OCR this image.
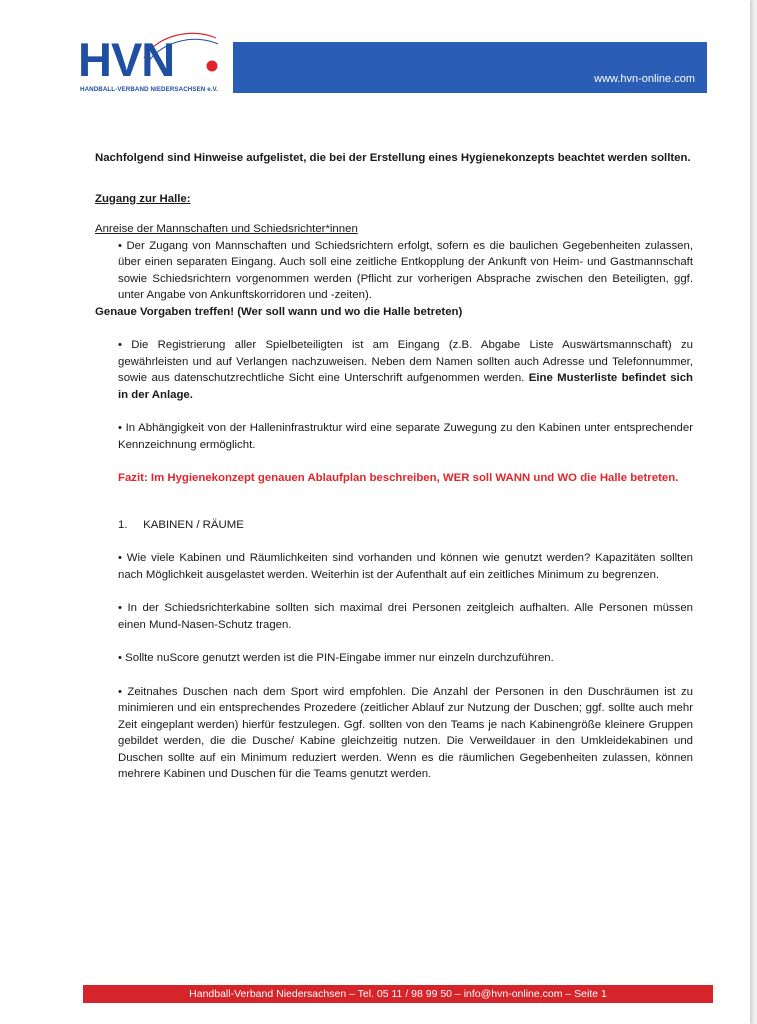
HVN
HANDBALL-VERBAND NIEDERSACHSEN e.V.
www.hvn-online.com

Nachfolgend sind Hinweise aufgelistet, die bei der Erstellung eines Hygienekonzepts beachtet werden sollten.

Zugang zur Halle:

Anreise der Mannschaften und Schiedsrichter*innen

• Der Zugang von Mannschaften und Schiedsrichtern erfolgt, sofern es die baulichen Gegebenheiten zulassen, über einen separaten Eingang. Auch soll eine zeitliche Entkopplung der Ankunft von Heim- und Gastmannschaft sowie Schiedsrichtern vorgenommen werden (Pflicht zur vorherigen Absprache zwischen den Beteiligten, ggf. unter Angabe von Ankunftskorridoren und -zeiten).
Genaue Vorgaben treffen! (Wer soll wann und wo die Halle betreten)

• Die Registrierung aller Spielbeteiligten ist am Eingang (z.B. Abgabe Liste Auswärtsmannschaft) zu gewährleisten und auf Verlangen nachzuweisen. Neben dem Namen sollten auch Adresse und Telefonnummer, sowie aus datenschutzrechtliche Sicht eine Unterschrift aufgenommen werden. Eine Musterliste befindet sich in der Anlage.

• In Abhängigkeit von der Halleninfrastruktur wird eine separate Zuwegung zu den Kabinen unter entsprechender Kennzeichnung ermöglicht.

Fazit: Im Hygienekonzept genauen Ablaufplan beschreiben, WER soll WANN und WO die Halle betreten.

1. KABINEN / RÄUME

• Wie viele Kabinen und Räumlichkeiten sind vorhanden und können wie genutzt werden? Kapazitäten sollten nach Möglichkeit ausgelastet werden. Weiterhin ist der Aufenthalt auf ein zeitliches Minimum zu begrenzen.

• In der Schiedsrichterkabine sollten sich maximal drei Personen zeitgleich aufhalten. Alle Personen müssen einen Mund-Nasen-Schutz tragen.

• Sollte nuScore genutzt werden ist die PIN-Eingabe immer nur einzeln durchzuführen.

• Zeitnahes Duschen nach dem Sport wird empfohlen. Die Anzahl der Personen in den Duschräumen ist zu minimieren und ein entsprechendes Prozedere (zeitlicher Ablauf zur Nutzung der Duschen; ggf. sollte auch mehr Zeit eingeplant werden) hierfür festzulegen. Ggf. sollten von den Teams je nach Kabinengröße kleinere Gruppen gebildet werden, die die Dusche/ Kabine gleichzeitig nutzen. Die Verweildauer in den Umkleidekabinen und Duschen sollte auf ein Minimum reduziert werden. Wenn es die räumlichen Gegebenheiten zulassen, können mehrere Kabinen und Duschen für die Teams genutzt werden.

Handball-Verband Niedersachsen – Tel. 05 11 / 98 99 50 – info@hvn-online.com – Seite 1
